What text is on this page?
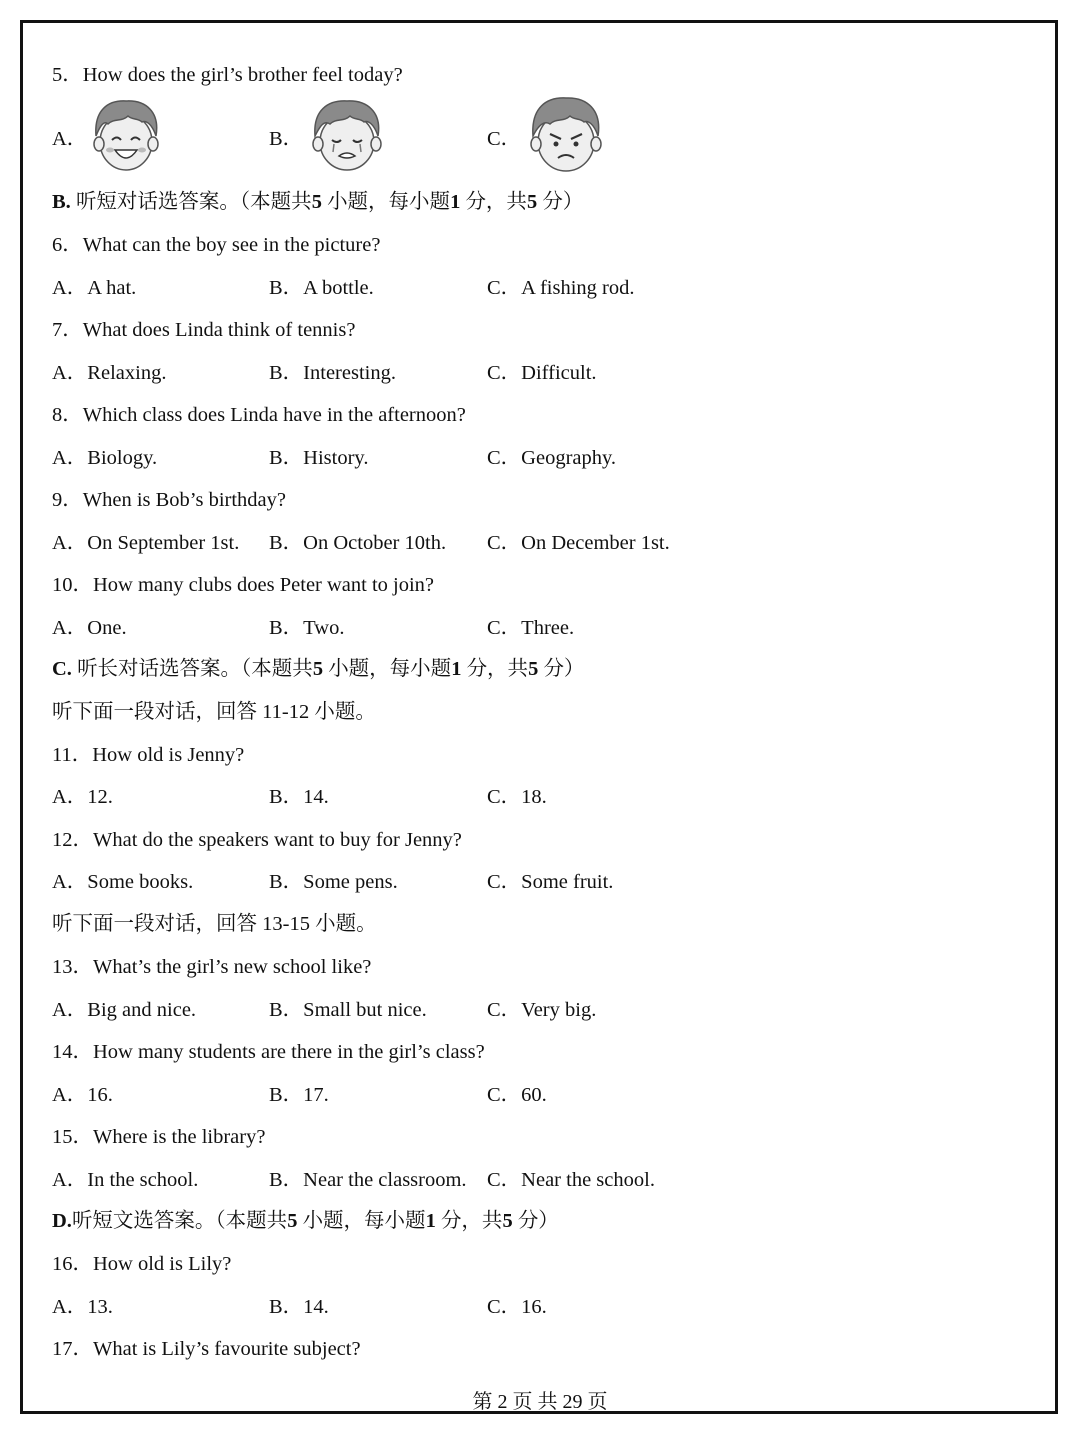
5．How does the girl’s brother feel today?
A．	B．	C．
B. 听短对话选答案。（本题共5 小题，每小题1 分，共5 分）
6．What can the boy see in the picture?
A．A hat.	B．A bottle.	C．A fishing rod.
7．What does Linda think of tennis?
A．Relaxing.	B．Interesting.	C．Difficult.
8．Which class does Linda have in the afternoon?
A．Biology.	B．History.	C．Geography.
9．When is Bob’s birthday?
A．On September 1st. B．On October 10th. C．On December 1st.
10．How many clubs does Peter want to join?
A．One.	B．Two.	C．Three.
C. 听长对话选答案。（本题共5 小题，每小题1 分，共5 分）
听下面一段对话，回答 11-12 小题。
11．How old is Jenny?
A．12.	B．14.	C．18.
12．What do the speakers want to buy for Jenny?
A．Some books.	B．Some pens.	C．Some fruit.
听下面一段对话，回答 13-15 小题。
13．What’s the girl’s new school like?
A．Big and nice.	B．Small but nice.	C．Very big.
14．How many students are there in the girl’s class?
A．16.	B．17.	C．60.
15．Where is the library?
A．In the school.	B．Near the classroom. C．Near the school.
D.听短文选答案。（本题共5 小题，每小题1 分，共5 分）
16．How old is Lily?
A．13.	B．14.	C．16.
17．What is Lily’s favourite subject?
第 2 页 共 29 页
